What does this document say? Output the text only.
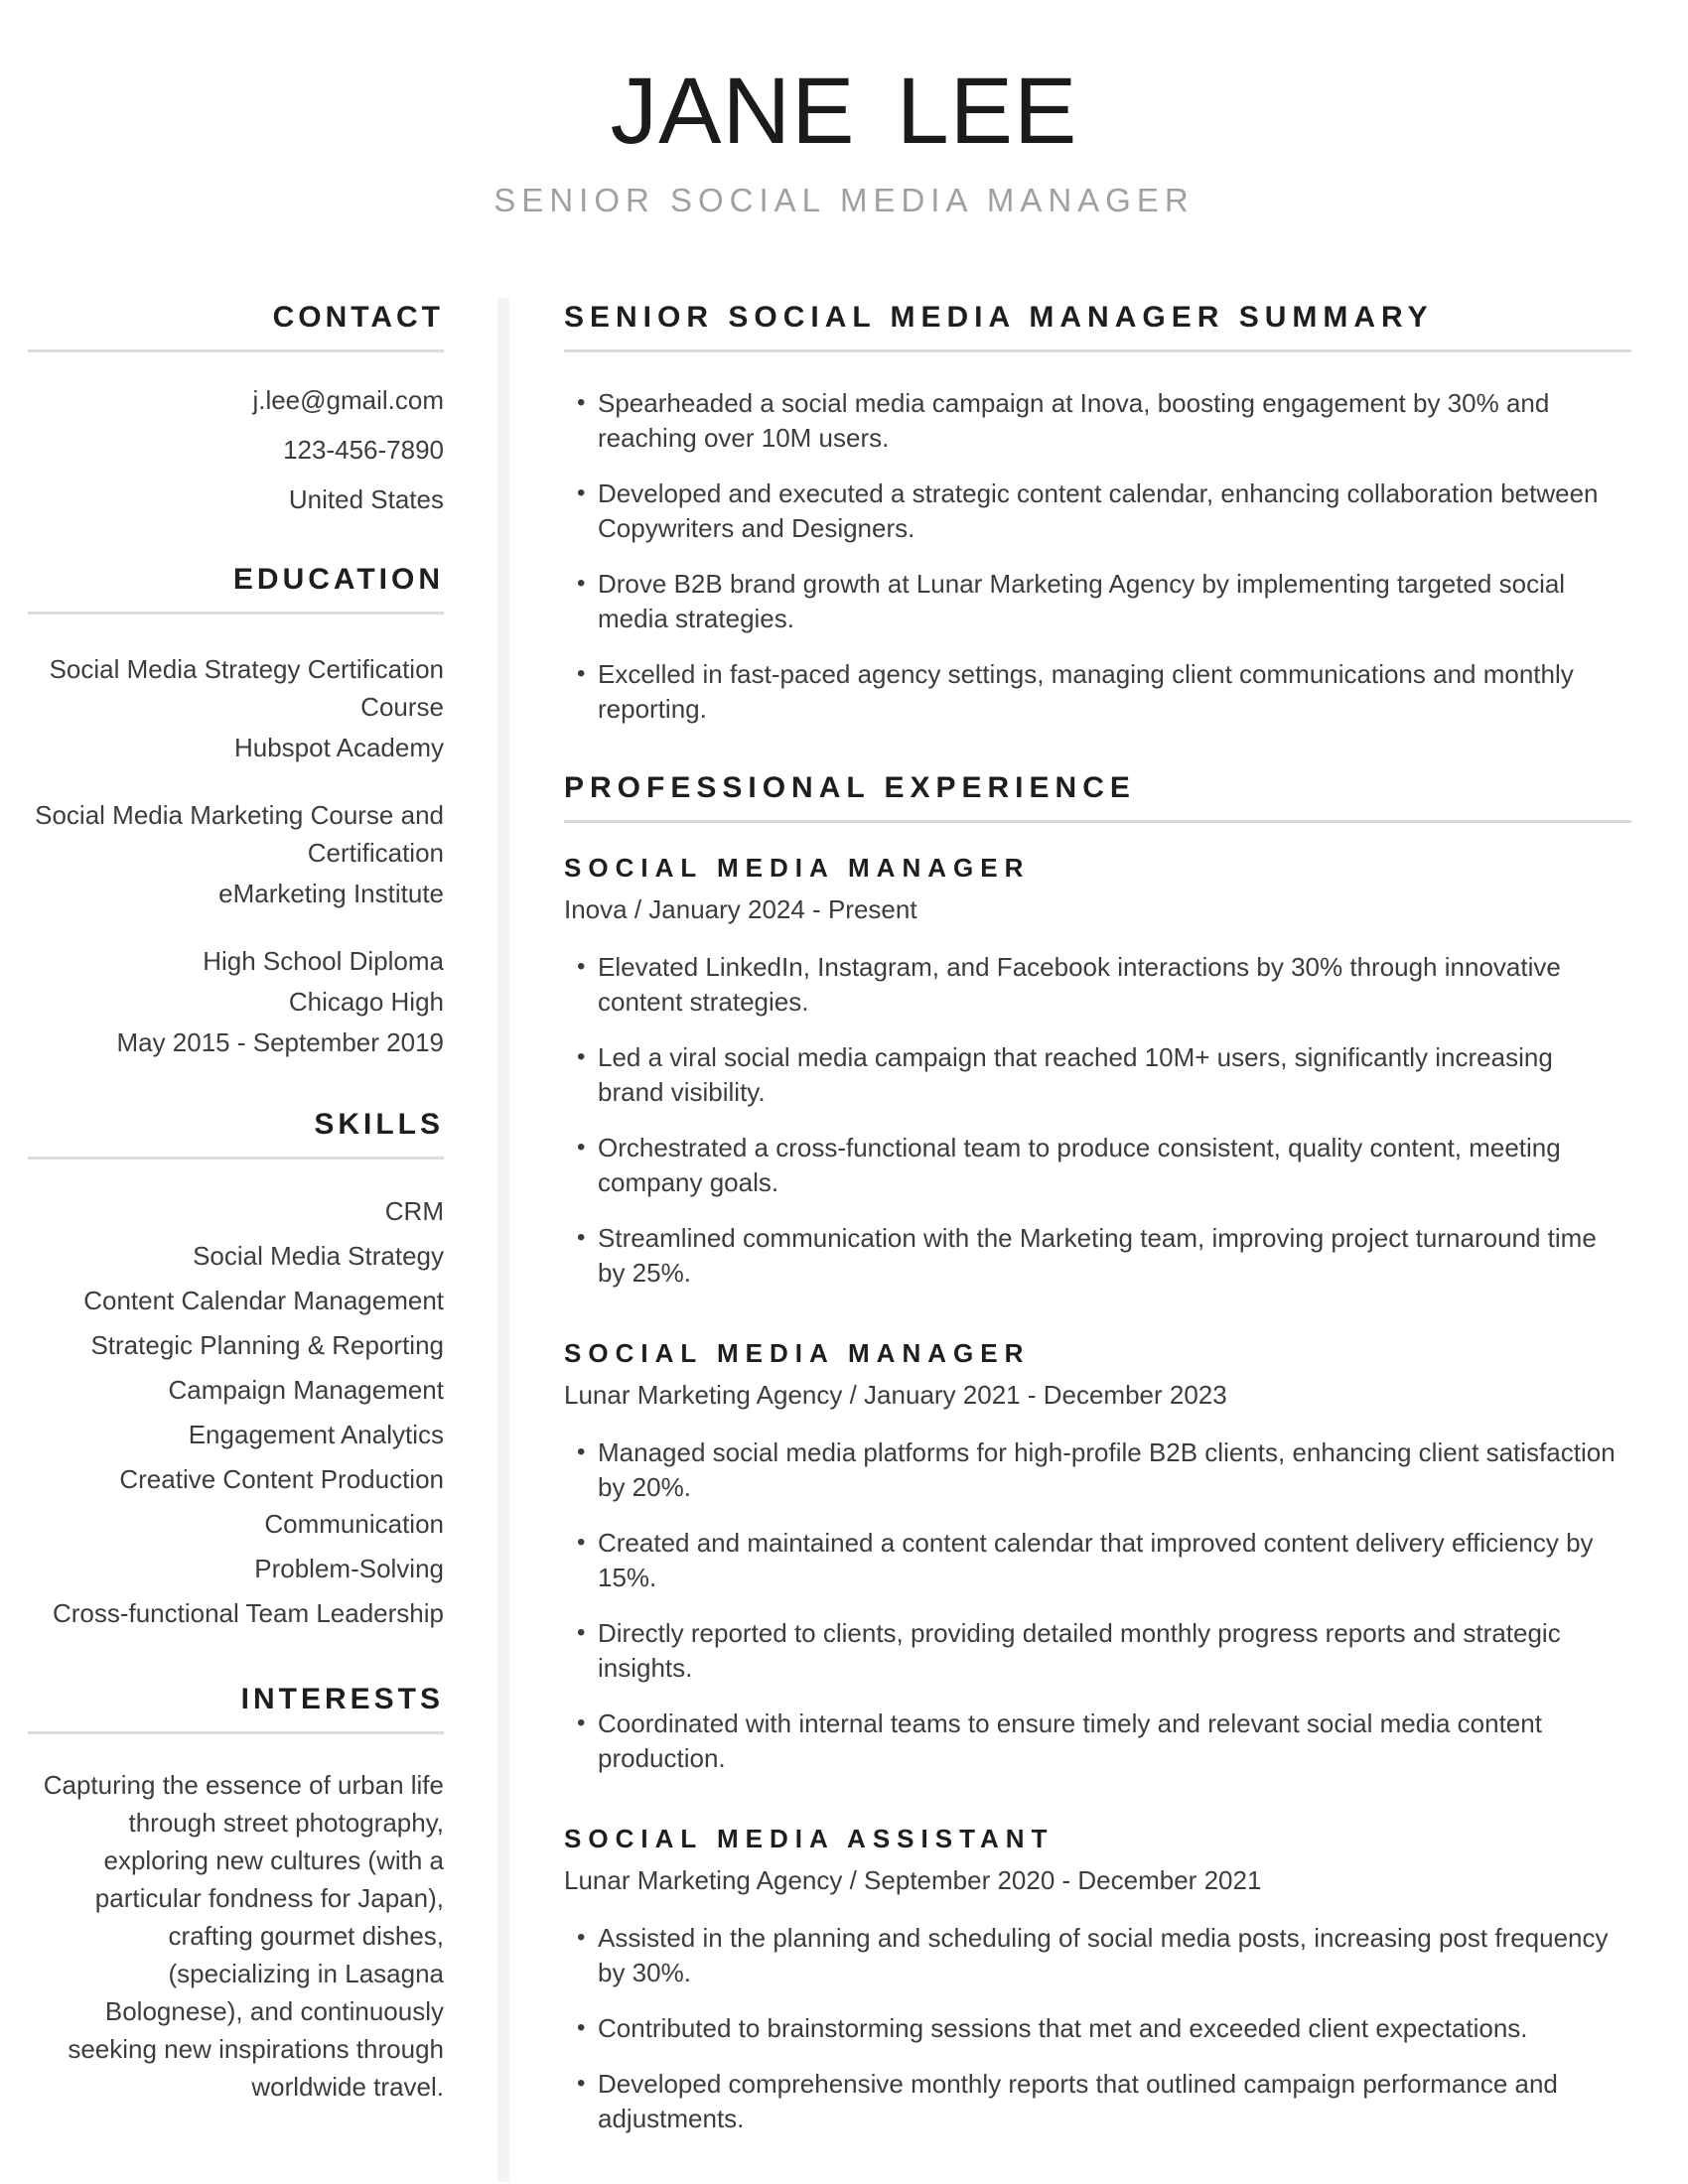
JANE LEE
SENIOR SOCIAL MEDIA MANAGER
CONTACT
j.lee@gmail.com
123-456-7890
United States
EDUCATION
Social Media Strategy Certification Course
Hubspot Academy
Social Media Marketing Course and Certification
eMarketing Institute
High School Diploma
Chicago High
May 2015 - September 2019
SKILLS
CRM
Social Media Strategy
Content Calendar Management
Strategic Planning & Reporting
Campaign Management
Engagement Analytics
Creative Content Production
Communication
Problem-Solving
Cross-functional Team Leadership
INTERESTS

Capturing the essence of urban life through street photography, exploring new cultures (with a particular fondness for Japan), crafting gourmet dishes, (specializing in Lasagna Bolognese), and continuously seeking new inspirations through worldwide travel.

SENIOR SOCIAL MEDIA MANAGER SUMMARY
• Spearheaded a social media campaign at Inova, boosting engagement by 30% and reaching over 10M users.
• Developed and executed a strategic content calendar, enhancing collaboration between Copywriters and Designers.
• Drove B2B brand growth at Lunar Marketing Agency by implementing targeted social media strategies.
• Excelled in fast-paced agency settings, managing client communications and monthly reporting.
PROFESSIONAL EXPERIENCE
SOCIAL MEDIA MANAGER

Inova / January 2024 - Present

• Elevated LinkedIn, Instagram, and Facebook interactions by 30% through innovative content strategies.
• Led a viral social media campaign that reached 10M+ users, significantly increasing brand visibility.
• Orchestrated a cross-functional team to produce consistent, quality content, meeting company goals.
• Streamlined communication with the Marketing team, improving project turnaround time by 25%.
SOCIAL MEDIA MANAGER

Lunar Marketing Agency / January 2021 - December 2023

• Managed social media platforms for high-profile B2B clients, enhancing client satisfaction by 20%.
• Created and maintained a content calendar that improved content delivery efficiency by 15%.
• Directly reported to clients, providing detailed monthly progress reports and strategic insights.
• Coordinated with internal teams to ensure timely and relevant social media content production.
SOCIAL MEDIA ASSISTANT

Lunar Marketing Agency / September 2020 - December 2021

• Assisted in the planning and scheduling of social media posts, increasing post frequency by 30%.
• Contributed to brainstorming sessions that met and exceeded client expectations.
• Developed comprehensive monthly reports that outlined campaign performance and adjustments.
